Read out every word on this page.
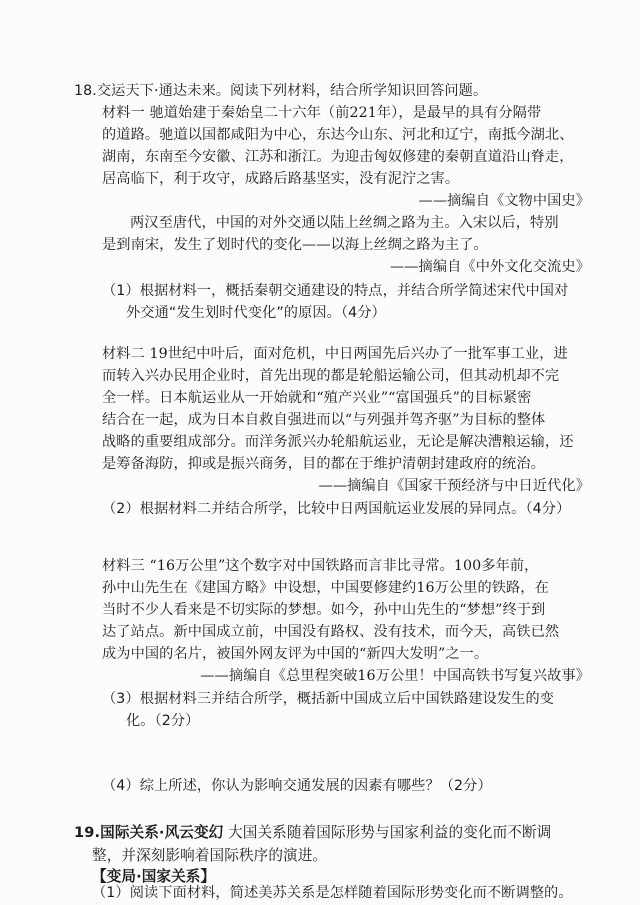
18.交运天下·通达未来。阅读下列材料，结合所学知识回答问题。
材料一 驰道始建于秦始皇二十六年（前221年），是最早的具有分隔带
的道路。驰道以国都咸阳为中心，东达今山东、河北和辽宁，南抵今湖北、
湖南，东南至今安徽、江苏和浙江。为迎击匈奴修建的秦朝直道沿山脊走，
居高临下，利于攻守，成路后路基坚实，没有泥泞之害。
——摘编自《文物中国史》
两汉至唐代，中国的对外交通以陆上丝绸之路为主。入宋以后，特别
是到南宋，发生了划时代的变化——以海上丝绸之路为主了。
——摘编自《中外文化交流史》
（1）根据材料一，概括秦朝交通建设的特点，并结合所学简述宋代中国对
外交通“发生划时代变化”的原因。（4分）
材料二 19世纪中叶后，面对危机，中日两国先后兴办了一批军事工业，进
而转入兴办民用企业时，首先出现的都是轮船运输公司，但其动机却不完
全一样。日本航运业从一开始就和“殖产兴业”“富国强兵”的目标紧密
结合在一起，成为日本自救自强进而以“与列强并驾齐驱”为目标的整体
战略的重要组成部分。而洋务派兴办轮船航运业，无论是解决漕粮运输，还
是筹备海防，抑或是振兴商务，目的都在于维护清朝封建政府的统治。
——摘编自《国家干预经济与中日近代化》
（2）根据材料二并结合所学，比较中日两国航运业发展的异同点。（4分）
材料三 “16万公里”这个数字对中国铁路而言非比寻常。100多年前，
孙中山先生在《建国方略》中设想，中国要修建约16万公里的铁路，在
当时不少人看来是不切实际的梦想。如今，孙中山先生的“梦想”终于到
达了站点。新中国成立前，中国没有路权、没有技术，而今天，高铁已然
成为中国的名片，被国外网友评为中国的“新四大发明”之一。
——摘编自《总里程突破16万公里！中国高铁书写复兴故事》
（3）根据材料三并结合所学，概括新中国成立后中国铁路建设发生的变
化。（2分）
（4）综上所述，你认为影响交通发展的因素有哪些？（2分）
19.国际关系·风云变幻 大国关系随着国际形势与国家利益的变化而不断调
整，并深刻影响着国际秩序的演进。
【变局·国家关系】
（1）阅读下面材料，简述美苏关系是怎样随着国际形势变化而不断调整的。
